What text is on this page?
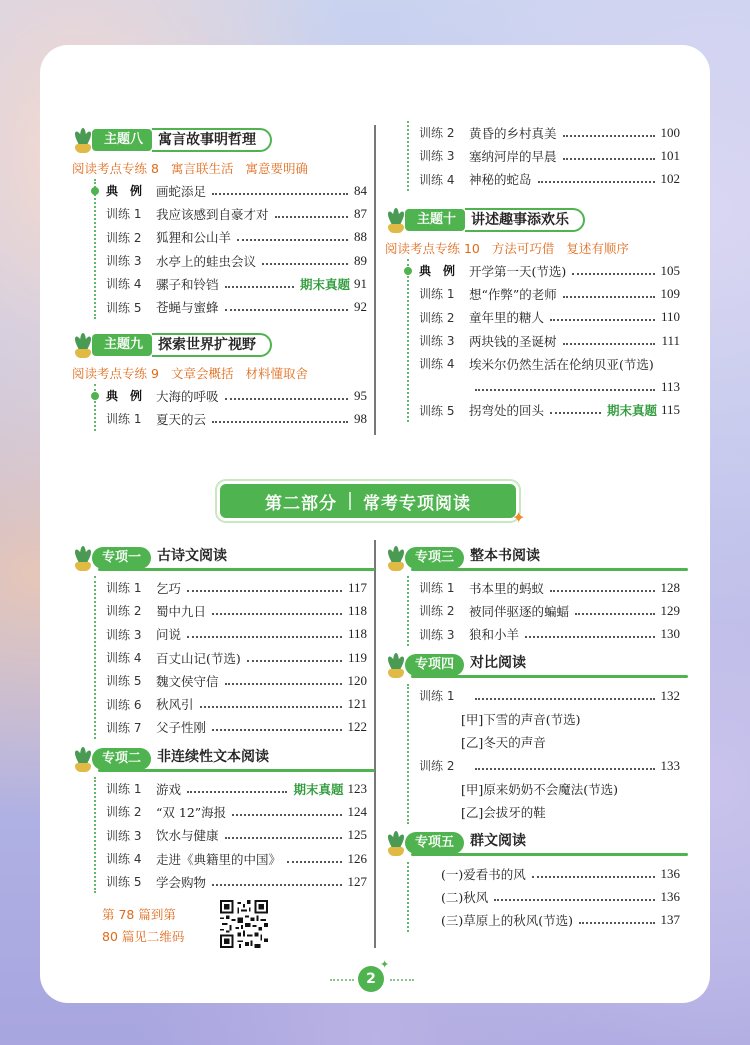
主题八	寓言故事明哲理
阅读考点专练 8 寓言联生活 寓意要明确
典　例	画蛇添足	84
训练 1	我应该感到自豪才对	87
训练 2	狐狸和公山羊	88
训练 3	水亭上的蛙虫会议	89
训练 4	骡子和铃铛	期末真题 91
训练 5	苍蝇与蜜蜂	92
主题九	探索世界扩视野
阅读考点专练 9 文章会概括 材料懂取舍
典　例	大海的呼吸	95
训练 1	夏天的云	98
训练 2	黄昏的乡村真美	100
训练 3	塞纳河岸的早晨	101
训练 4	神秘的蛇岛	102
主题十	讲述趣事添欢乐
阅读考点专练 10 方法可巧借 复述有顺序
典　例	开学第一天(节选)	105
训练 1	想“作弊”的老师	109
训练 2	童年里的糖人	110
训练 3	两块钱的圣诞树	111
训练 4	埃米尔仍然生活在伦纳贝亚(节选)
113
训练 5	拐弯处的回头	期末真题 115
第二部分 常考专项阅读
✦
专项一	古诗文阅读
训练 1	乞巧	117
训练 2	蜀中九日	118
训练 3	问说	118
训练 4	百丈山记(节选)	119
训练 5	魏文侯守信	120
训练 6	秋风引	121
训练 7	父子性刚	122
专项二	非连续性文本阅读
训练 1	游戏	期末真题 123
训练 2	“双 12”海报	124
训练 3	饮水与健康	125
训练 4	走进《典籍里的中国》	126
训练 5	学会购物	127
第 78 篇到第
80 篇见二维码
专项三	整本书阅读
训练 1	书本里的蚂蚁	128
训练 2	被同伴驱逐的蝙蝠	129
训练 3	狼和小羊	130
专项四	对比阅读
训练 1	132
[甲]下雪的声音(节选)
[乙]冬天的声音
训练 2	133
[甲]原来奶奶不会魔法(节选)
[乙]会拔牙的鞋
专项五	群文阅读
(一)爱看书的风	136
(二)秋风	136
(三)草原上的秋风(节选)	137
2
✦
